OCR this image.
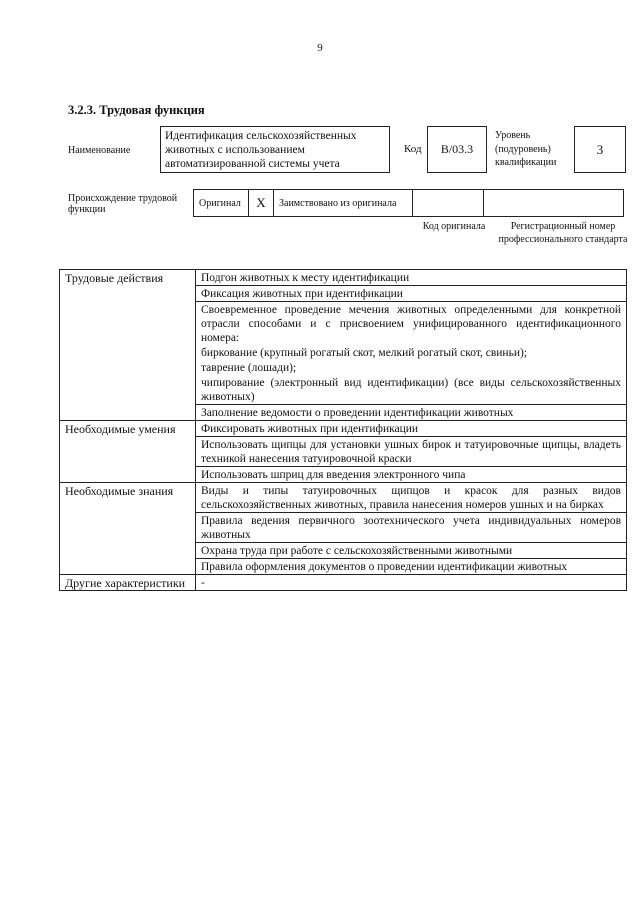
9
3.2.3. Трудовая функция
Наименование
Идентификация сельскохозяйственных животных с использованием автоматизированной системы учета
Код	В/03.3
Уровень (подуровень) квалификации
3
Происхождение трудовой функции
Оригинал	X	Заимствовано из оригинала
Код оригинала	Регистрационный номер профессионального стандарта
Трудовые действия	Подгон животных к месту идентификации
	Фиксация животных при идентификации

	Своевременное проведение мечения животных определенными для конкретной отрасли способами и с присвоением унифицированного идентификационного номера:

	биркование (крупный рогатый скот, мелкий рогатый скот, свиньи);
	таврение (лошади);
	чипирование (электронный вид идентификации) (все виды сельскохозяйственных животных)
	Заполнение ведомости о проведении идентификации животных
Необходимые умения	Фиксировать животных при идентификации
	Использовать щипцы для установки ушных бирок и татуировочные щипцы, владеть техникой нанесения татуировочной краски
	Использовать шприц для введения электронного чипа
Необходимые знания	Виды и типы татуировочных щипцов и красок для разных видов сельскохозяйственных животных, правила нанесения номеров ушных и на бирках
	Правила ведения первичного зоотехнического учета индивидуальных номеров животных
	Охрана труда при работе с сельскохозяйственными животными
	Правила оформления документов о проведении идентификации животных
Другие характеристики	-
